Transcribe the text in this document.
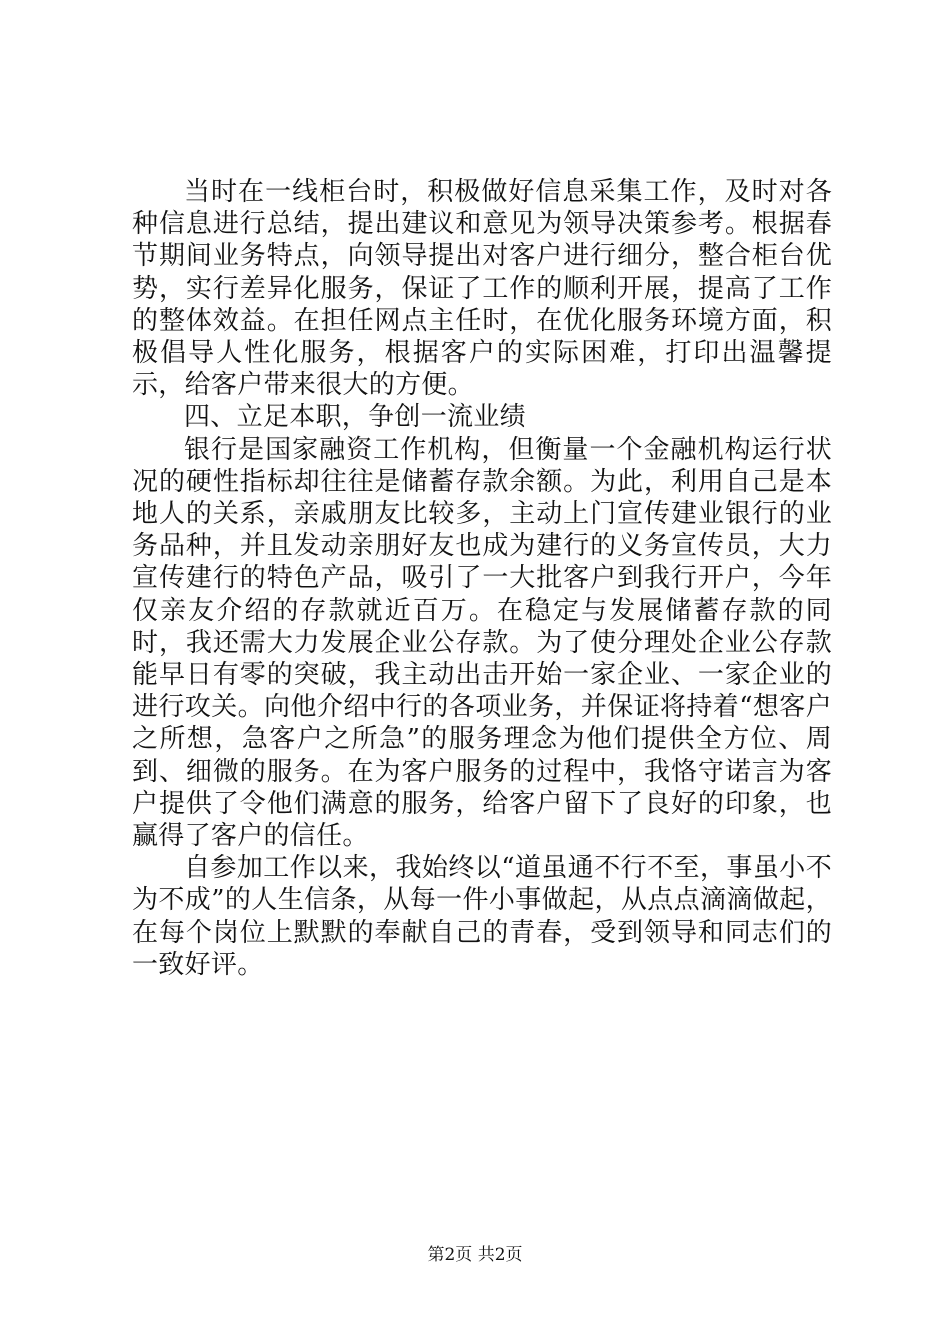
当时在一线柜台时，积极做好信息采集工作，及时对各种信息进行总结，提出建议和意见为领导决策参考。根据春节期间业务特点，向领导提出对客户进行细分，整合柜台优势，实行差异化服务，保证了工作的顺利开展，提高了工作的整体效益。在担任网点主任时，在优化服务环境方面，积极倡导人性化服务，根据客户的实际困难，打印出温馨提示，给客户带来很大的方便。

四、立足本职，争创一流业绩

银行是国家融资工作机构，但衡量一个金融机构运行状况的硬性指标却往往是储蓄存款余额。为此，利用自己是本地人的关系，亲戚朋友比较多，主动上门宣传建业银行的业务品种，并且发动亲朋好友也成为建行的义务宣传员，大力宣传建行的特色产品，吸引了一大批客户到我行开户，今年仅亲友介绍的存款就近百万。在稳定与发展储蓄存款的同时，我还需大力发展企业公存款。为了使分理处企业公存款能早日有零的突破，我主动出击开始一家企业、一家企业的进行攻关。向他介绍中行的各项业务，并保证将持着“想客户之所想，急客户之所急”的服务理念为他们提供全方位、周到、细微的服务。在为客户服务的过程中，我恪守诺言为客户提供了令他们满意的服务，给客户留下了良好的印象，也赢得了客户的信任。

自参加工作以来，我始终以“道虽通不行不至，事虽小不为不成”的人生信条，从每一件小事做起，从点点滴滴做起，在每个岗位上默默的奉献自己的青春，受到领导和同志们的一致好评。

第2页 共2页
